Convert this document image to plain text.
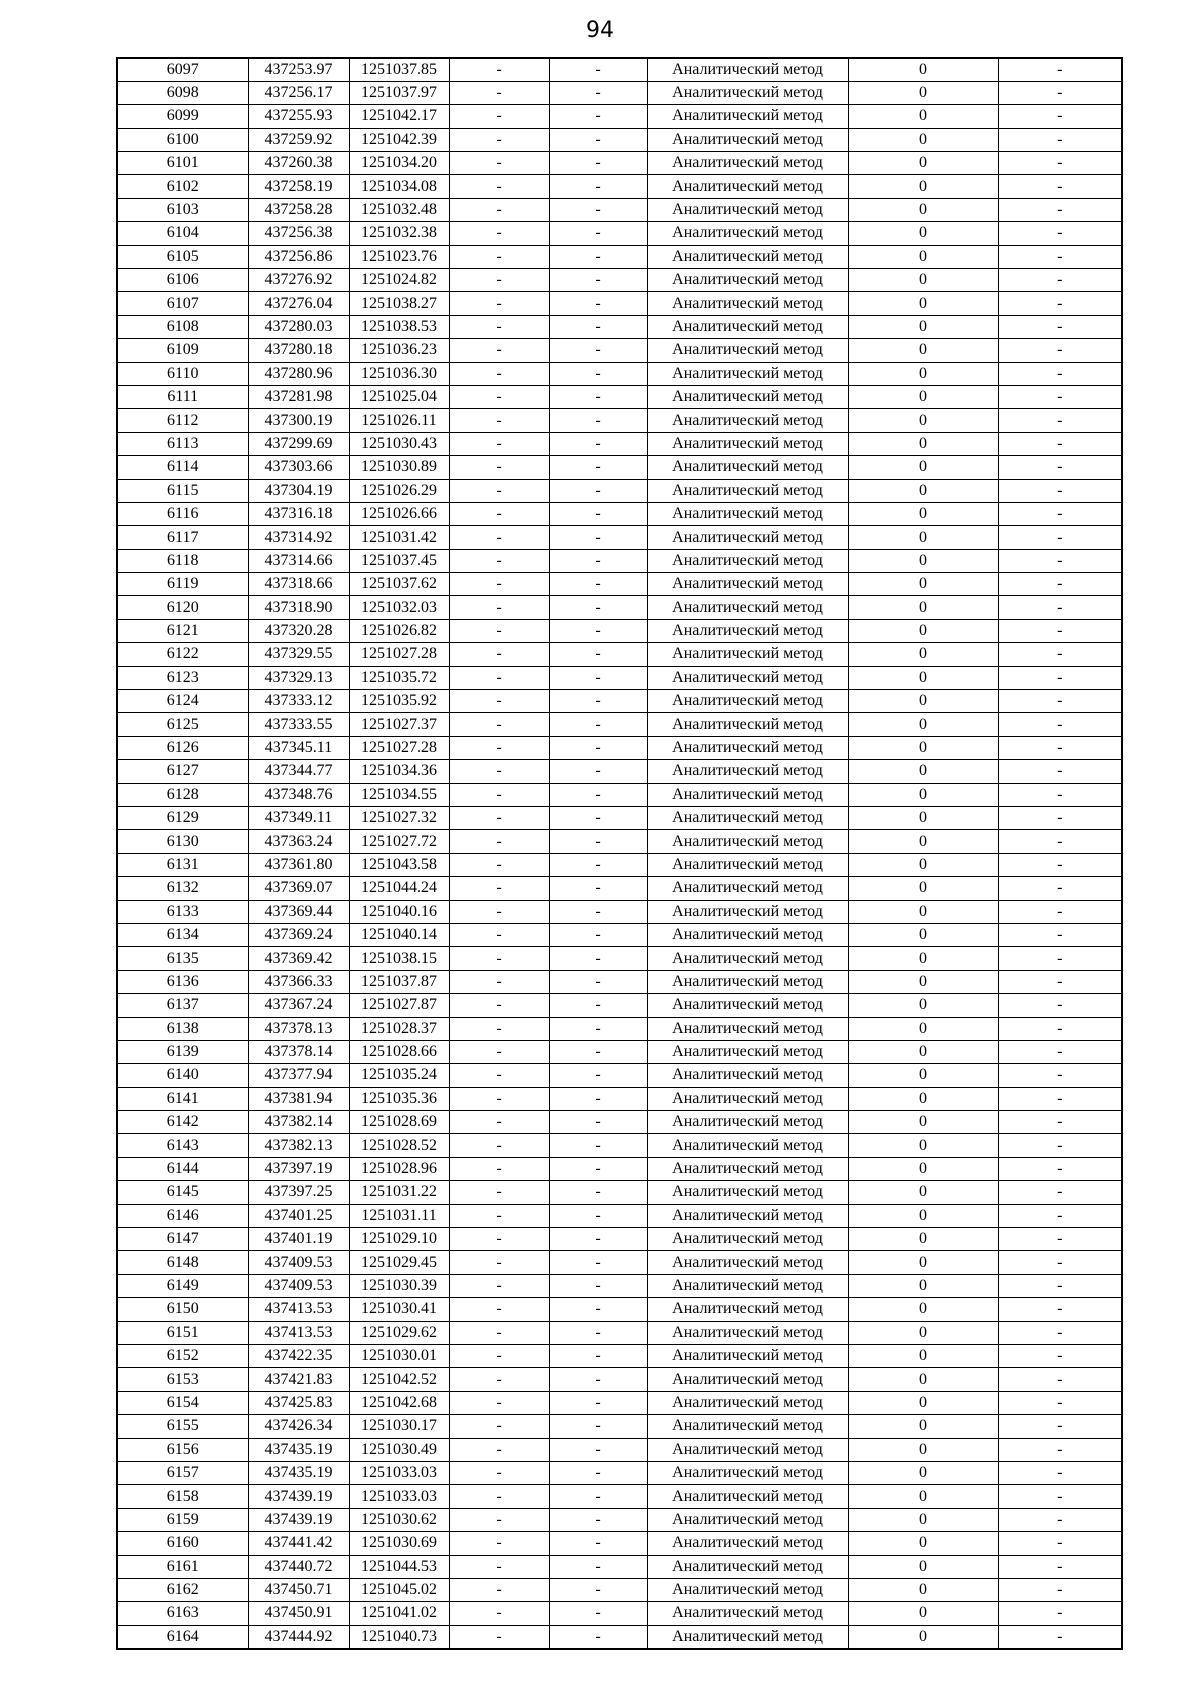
94
6097	437253.97	1251037.85	-	-	Аналитический метод	0	-
6098	437256.17	1251037.97	-	-	Аналитический метод	0	-
6099	437255.93	1251042.17	-	-	Аналитический метод	0	-
6100	437259.92	1251042.39	-	-	Аналитический метод	0	-
6101	437260.38	1251034.20	-	-	Аналитический метод	0	-
6102	437258.19	1251034.08	-	-	Аналитический метод	0	-
6103	437258.28	1251032.48	-	-	Аналитический метод	0	-
6104	437256.38	1251032.38	-	-	Аналитический метод	0	-
6105	437256.86	1251023.76	-	-	Аналитический метод	0	-
6106	437276.92	1251024.82	-	-	Аналитический метод	0	-
6107	437276.04	1251038.27	-	-	Аналитический метод	0	-
6108	437280.03	1251038.53	-	-	Аналитический метод	0	-
6109	437280.18	1251036.23	-	-	Аналитический метод	0	-
6110	437280.96	1251036.30	-	-	Аналитический метод	0	-
6111	437281.98	1251025.04	-	-	Аналитический метод	0	-
6112	437300.19	1251026.11	-	-	Аналитический метод	0	-
6113	437299.69	1251030.43	-	-	Аналитический метод	0	-
6114	437303.66	1251030.89	-	-	Аналитический метод	0	-
6115	437304.19	1251026.29	-	-	Аналитический метод	0	-
6116	437316.18	1251026.66	-	-	Аналитический метод	0	-
6117	437314.92	1251031.42	-	-	Аналитический метод	0	-
6118	437314.66	1251037.45	-	-	Аналитический метод	0	-
6119	437318.66	1251037.62	-	-	Аналитический метод	0	-
6120	437318.90	1251032.03	-	-	Аналитический метод	0	-
6121	437320.28	1251026.82	-	-	Аналитический метод	0	-
6122	437329.55	1251027.28	-	-	Аналитический метод	0	-
6123	437329.13	1251035.72	-	-	Аналитический метод	0	-
6124	437333.12	1251035.92	-	-	Аналитический метод	0	-
6125	437333.55	1251027.37	-	-	Аналитический метод	0	-
6126	437345.11	1251027.28	-	-	Аналитический метод	0	-
6127	437344.77	1251034.36	-	-	Аналитический метод	0	-
6128	437348.76	1251034.55	-	-	Аналитический метод	0	-
6129	437349.11	1251027.32	-	-	Аналитический метод	0	-
6130	437363.24	1251027.72	-	-	Аналитический метод	0	-
6131	437361.80	1251043.58	-	-	Аналитический метод	0	-
6132	437369.07	1251044.24	-	-	Аналитический метод	0	-
6133	437369.44	1251040.16	-	-	Аналитический метод	0	-
6134	437369.24	1251040.14	-	-	Аналитический метод	0	-
6135	437369.42	1251038.15	-	-	Аналитический метод	0	-
6136	437366.33	1251037.87	-	-	Аналитический метод	0	-
6137	437367.24	1251027.87	-	-	Аналитический метод	0	-
6138	437378.13	1251028.37	-	-	Аналитический метод	0	-
6139	437378.14	1251028.66	-	-	Аналитический метод	0	-
6140	437377.94	1251035.24	-	-	Аналитический метод	0	-
6141	437381.94	1251035.36	-	-	Аналитический метод	0	-
6142	437382.14	1251028.69	-	-	Аналитический метод	0	-
6143	437382.13	1251028.52	-	-	Аналитический метод	0	-
6144	437397.19	1251028.96	-	-	Аналитический метод	0	-
6145	437397.25	1251031.22	-	-	Аналитический метод	0	-
6146	437401.25	1251031.11	-	-	Аналитический метод	0	-
6147	437401.19	1251029.10	-	-	Аналитический метод	0	-
6148	437409.53	1251029.45	-	-	Аналитический метод	0	-
6149	437409.53	1251030.39	-	-	Аналитический метод	0	-
6150	437413.53	1251030.41	-	-	Аналитический метод	0	-
6151	437413.53	1251029.62	-	-	Аналитический метод	0	-
6152	437422.35	1251030.01	-	-	Аналитический метод	0	-
6153	437421.83	1251042.52	-	-	Аналитический метод	0	-
6154	437425.83	1251042.68	-	-	Аналитический метод	0	-
6155	437426.34	1251030.17	-	-	Аналитический метод	0	-
6156	437435.19	1251030.49	-	-	Аналитический метод	0	-
6157	437435.19	1251033.03	-	-	Аналитический метод	0	-
6158	437439.19	1251033.03	-	-	Аналитический метод	0	-
6159	437439.19	1251030.62	-	-	Аналитический метод	0	-
6160	437441.42	1251030.69	-	-	Аналитический метод	0	-
6161	437440.72	1251044.53	-	-	Аналитический метод	0	-
6162	437450.71	1251045.02	-	-	Аналитический метод	0	-
6163	437450.91	1251041.02	-	-	Аналитический метод	0	-
6164	437444.92	1251040.73	-	-	Аналитический метод	0	-
